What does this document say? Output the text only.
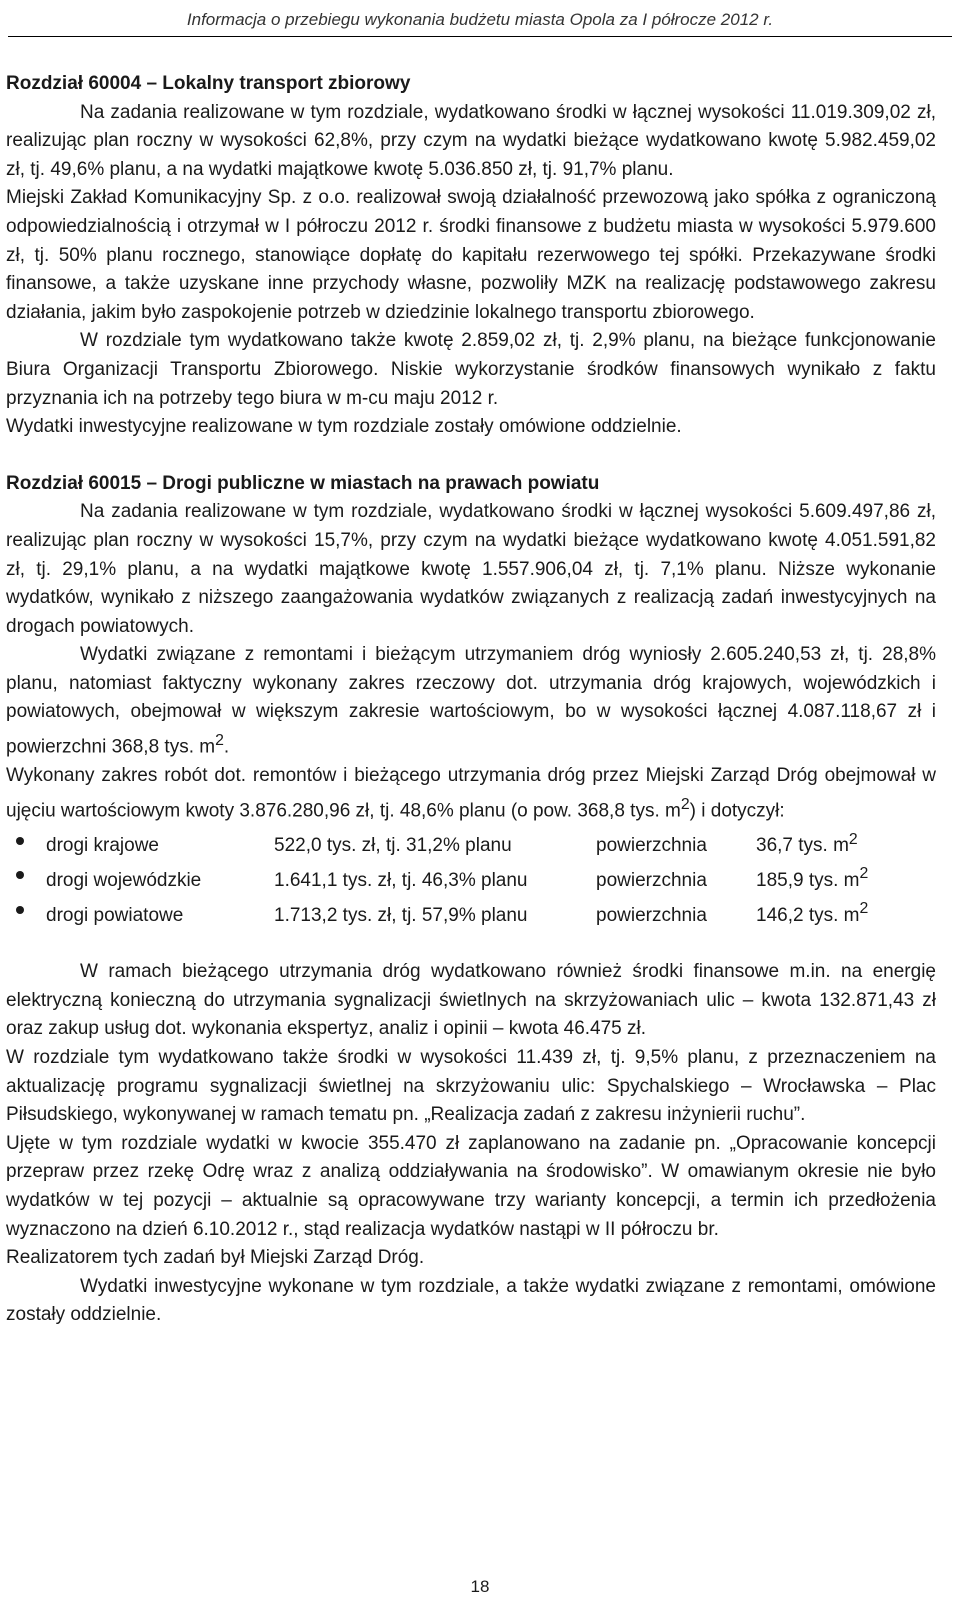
Informacja o przebiegu wykonania budżetu miasta Opola za I półrocze 2012 r.

Rozdział 60004 – Lokalny transport zbiorowy

Na zadania realizowane w tym rozdziale, wydatkowano środki w łącznej wysokości 11.019.309,02 zł, realizując plan roczny w wysokości 62,8%, przy czym na wydatki bieżące wydatkowano kwotę 5.982.459,02 zł, tj. 49,6% planu, a na wydatki majątkowe kwotę 5.036.850 zł, tj. 91,7% planu.

Miejski Zakład Komunikacyjny Sp. z o.o. realizował swoją działalność przewozową jako spółka z ograniczoną odpowiedzialnością i otrzymał w I półroczu 2012 r. środki finansowe z budżetu miasta w wysokości 5.979.600 zł, tj. 50% planu rocznego, stanowiące dopłatę do kapitału rezerwowego tej spółki. Przekazywane środki finansowe, a także uzyskane inne przychody własne, pozwoliły MZK na realizację podstawowego zakresu działania, jakim było zaspokojenie potrzeb w dziedzinie lokalnego transportu zbiorowego.

W rozdziale tym wydatkowano także kwotę 2.859,02 zł, tj. 2,9% planu, na bieżące funkcjonowanie Biura Organizacji Transportu Zbiorowego. Niskie wykorzystanie środków finansowych wynikało z faktu przyznania ich na potrzeby tego biura w m-cu maju 2012 r.

Wydatki inwestycyjne realizowane w tym rozdziale zostały omówione oddzielnie.

Rozdział 60015 – Drogi publiczne w miastach na prawach powiatu

Na zadania realizowane w tym rozdziale, wydatkowano środki w łącznej wysokości 5.609.497,86 zł, realizując plan roczny w wysokości 15,7%, przy czym na wydatki bieżące wydatkowano kwotę 4.051.591,82 zł, tj. 29,1% planu, a na wydatki majątkowe kwotę 1.557.906,04 zł, tj. 7,1% planu. Niższe wykonanie wydatków, wynikało z niższego zaangażowania wydatków związanych z realizacją zadań inwestycyjnych na drogach powiatowych.

Wydatki związane z remontami i bieżącym utrzymaniem dróg wyniosły 2.605.240,53 zł, tj. 28,8% planu, natomiast faktyczny wykonany zakres rzeczowy dot. utrzymania dróg krajowych, wojewódzkich i powiatowych, obejmował w większym zakresie wartościowym, bo w wysokości łącznej 4.087.118,67 zł i powierzchni 368,8 tys. $m^2$.

Wykonany zakres robót dot. remontów i bieżącego utrzymania dróg przez Miejski Zarząd Dróg obejmował w ujęciu wartościowym kwoty 3.876.280,96 zł, tj. 48,6% planu (o pow. 368,8 tys. $m^2$) i dotyczył:

drogi krajowe	522,0 tys. zł, tj. 31,2% planu	powierzchnia	36,7 tys. $m^2$
drogi wojewódzkie	1.641,1 tys. zł, tj. 46,3% planu	powierzchnia	185,9 tys. $m^2$
drogi powiatowe	1.713,2 tys. zł, tj. 57,9% planu	powierzchnia	146,2 tys. $m^2$

W ramach bieżącego utrzymania dróg wydatkowano również środki finansowe m.in. na energię elektryczną konieczną do utrzymania sygnalizacji świetlnych na skrzyżowaniach ulic – kwota 132.871,43 zł oraz zakup usług dot. wykonania ekspertyz, analiz i opinii – kwota 46.475 zł.

W rozdziale tym wydatkowano także środki w wysokości 11.439 zł, tj. 9,5% planu, z przeznaczeniem na aktualizację programu sygnalizacji świetlnej na skrzyżowaniu ulic: Spychalskiego – Wrocławska – Plac Piłsudskiego, wykonywanej w ramach tematu pn. „Realizacja zadań z zakresu inżynierii ruchu”.

Ujęte w tym rozdziale wydatki w kwocie 355.470 zł zaplanowano na zadanie pn. „Opracowanie koncepcji przepraw przez rzekę Odrę wraz z analizą oddziaływania na środowisko”. W omawianym okresie nie było wydatków w tej pozycji – aktualnie są opracowywane trzy warianty koncepcji, a termin ich przedłożenia wyznaczono na dzień 6.10.2012 r., stąd realizacja wydatków nastąpi w II półroczu br.

Realizatorem tych zadań był Miejski Zarząd Dróg.

Wydatki inwestycyjne wykonane w tym rozdziale, a także wydatki związane z remontami, omówione zostały oddzielnie.

18
